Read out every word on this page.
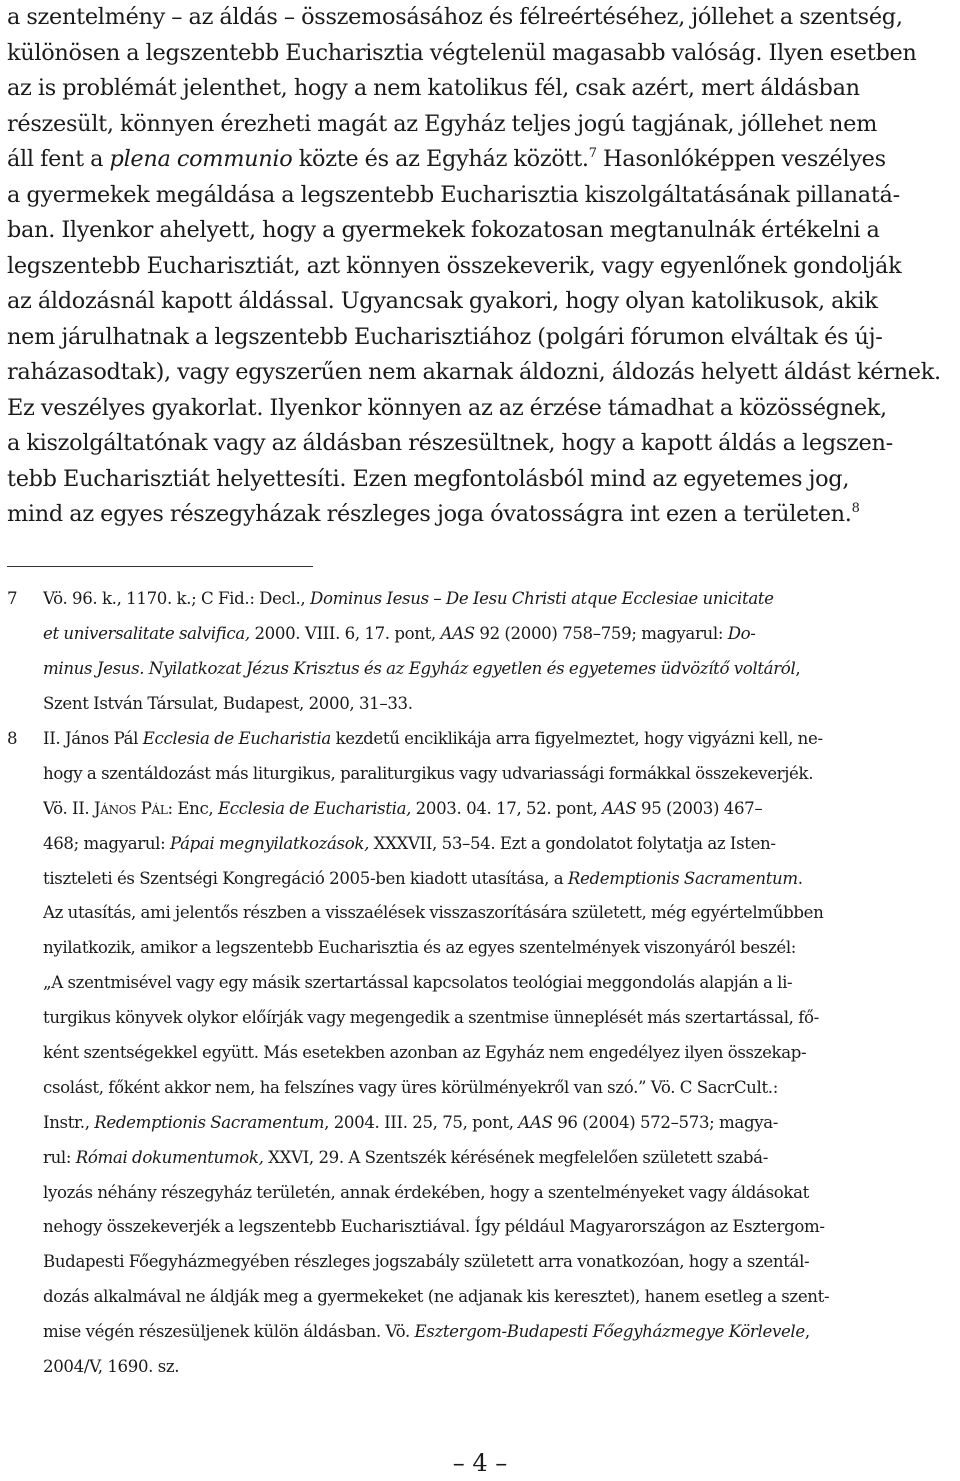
a szentelmény – az áldás – összemosásához és félreértéséhez, jóllehet a szentség,
különösen a legszentebb Eucharisztia végtelenül magasabb valóság. Ilyen esetben
az is problémát jelenthet, hogy a nem katolikus fél, csak azért, mert áldásban
részesült, könnyen érezheti magát az Egyház teljes jogú tagjának, jóllehet nem
áll fent a plena communio közte és az Egyház között.$^7$ Hasonlóképpen veszélyes
a gyermekek megáldása a legszentebb Eucharisztia kiszolgáltatásának pillanatá-
ban. Ilyenkor ahelyett, hogy a gyermekek fokozatosan megtanulnák értékelni a
legszentebb Eucharisztiát, azt könnyen összekeverik, vagy egyenlőnek gondolják
az áldozásnál kapott áldással. Ugyancsak gyakori, hogy olyan katolikusok, akik
nem járulhatnak a legszentebb Eucharisztiához (polgári fórumon elváltak és új-
raházasodtak), vagy egyszerűen nem akarnak áldozni, áldozás helyett áldást kérnek.
Ez veszélyes gyakorlat. Ilyenkor könnyen az az érzése támadhat a közösségnek,
a kiszolgáltatónak vagy az áldásban részesültnek, hogy a kapott áldás a legszen-
tebb Eucharisztiát helyettesíti. Ezen megfontolásból mind az egyetemes jog,
mind az egyes részegyházak részleges joga óvatosságra int ezen a területen.$^8$
7	Vö. 96. k., 1170. k.; C Fid.: Decl., Dominus Iesus – De Iesu Christi atque Ecclesiae unicitate
et universalitate salvifica, 2000. VIII. 6, 17. pont, AAS 92 (2000) 758–759; magyarul: Do-
minus Jesus. Nyilatkozat Jézus Krisztus és az Egyház egyetlen és egyetemes üdvözítő voltáról,
Szent István Társulat, Budapest, 2000, 31–33.
8	II. János Pál Ecclesia de Eucharistia kezdetű enciklikája arra figyelmeztet, hogy vigyázni kell, ne-
hogy a szentáldozást más liturgikus, paraliturgikus vagy udvariassági formákkal összekeverjék.
Vö. II. János Pál: Enc, Ecclesia de Eucharistia, 2003. 04. 17, 52. pont, AAS 95 (2003) 467–
468; magyarul: Pápai megnyilatkozások, XXXVII, 53–54. Ezt a gondolatot folytatja az Isten-
tiszteleti és Szentségi Kongregáció 2005-ben kiadott utasítása, a Redemptionis Sacramentum.
Az utasítás, ami jelentős részben a visszaélések visszaszorítására született, még egyértelműbben
nyilatkozik, amikor a legszentebb Eucharisztia és az egyes szentelmények viszonyáról beszél:
„A szentmisével vagy egy másik szertartással kapcsolatos teológiai meggondolás alapján a li-
turgikus könyvek olykor előírják vagy megengedik a szentmise ünneplését más szertartással, fő-
ként szentségekkel együtt. Más esetekben azonban az Egyház nem engedélyez ilyen összekap-
csolást, főként akkor nem, ha felszínes vagy üres körülményekről van szó.” Vö. C SacrCult.:
Instr., Redemptionis Sacramentum, 2004. III. 25, 75, pont, AAS 96 (2004) 572–573; magya-
rul: Római dokumentumok, XXVI, 29. A Szentszék kérésének megfelelően született szabá-
lyozás néhány részegyház területén, annak érdekében, hogy a szentelményeket vagy áldásokat
nehogy összekeverjék a legszentebb Eucharisztiával. Így például Magyarországon az Esztergom-
Budapesti Főegyházmegyében részleges jogszabály született arra vonatkozóan, hogy a szentál-
dozás alkalmával ne áldják meg a gyermekeket (ne adjanak kis keresztet), hanem esetleg a szent-
mise végén részesüljenek külön áldásban. Vö. Esztergom-Budapesti Főegyházmegye Körlevele,
2004/V, 1690. sz.
– 4 –
